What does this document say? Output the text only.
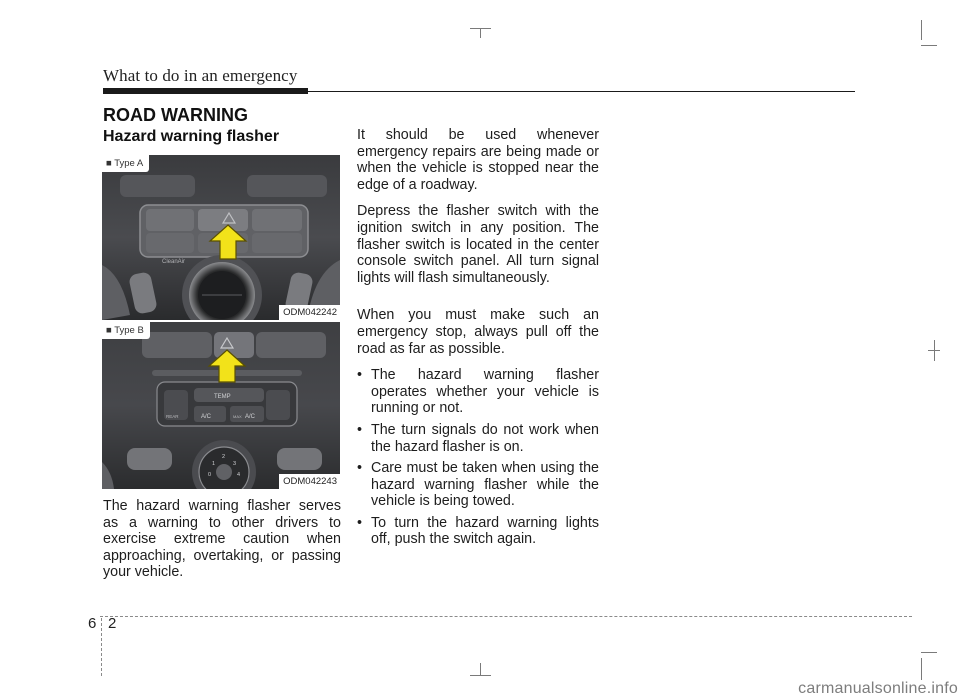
What to do in an emergency
ROAD WARNING
Hazard warning flasher
CleanAir
■ Type A
ODM042242
TEMP
REAR	A/C	MAX A/C
1
2
3
0	4
■ Type B
ODM042243
The hazard warning flasher serves as a warning to other drivers to exercise extreme caution when approaching, overtaking, or passing your vehicle.

It should be used whenever emergency repairs are being made or when the vehicle is stopped near the edge of a roadway.

Depress the flasher switch with the ignition switch in any position. The flasher switch is located in the center console switch panel. All turn signal lights will flash simultaneously.

When you must make such an emergency stop, always pull off the road as far as possible.

• The hazard warning flasher operates whether your vehicle is running or not.
• The turn signals do not work when the hazard flasher is on.
• Care must be taken when using the hazard warning flasher while the vehicle is being towed.
• To turn the hazard warning lights off, push the switch again.
6 2
carmanualsonline.info
